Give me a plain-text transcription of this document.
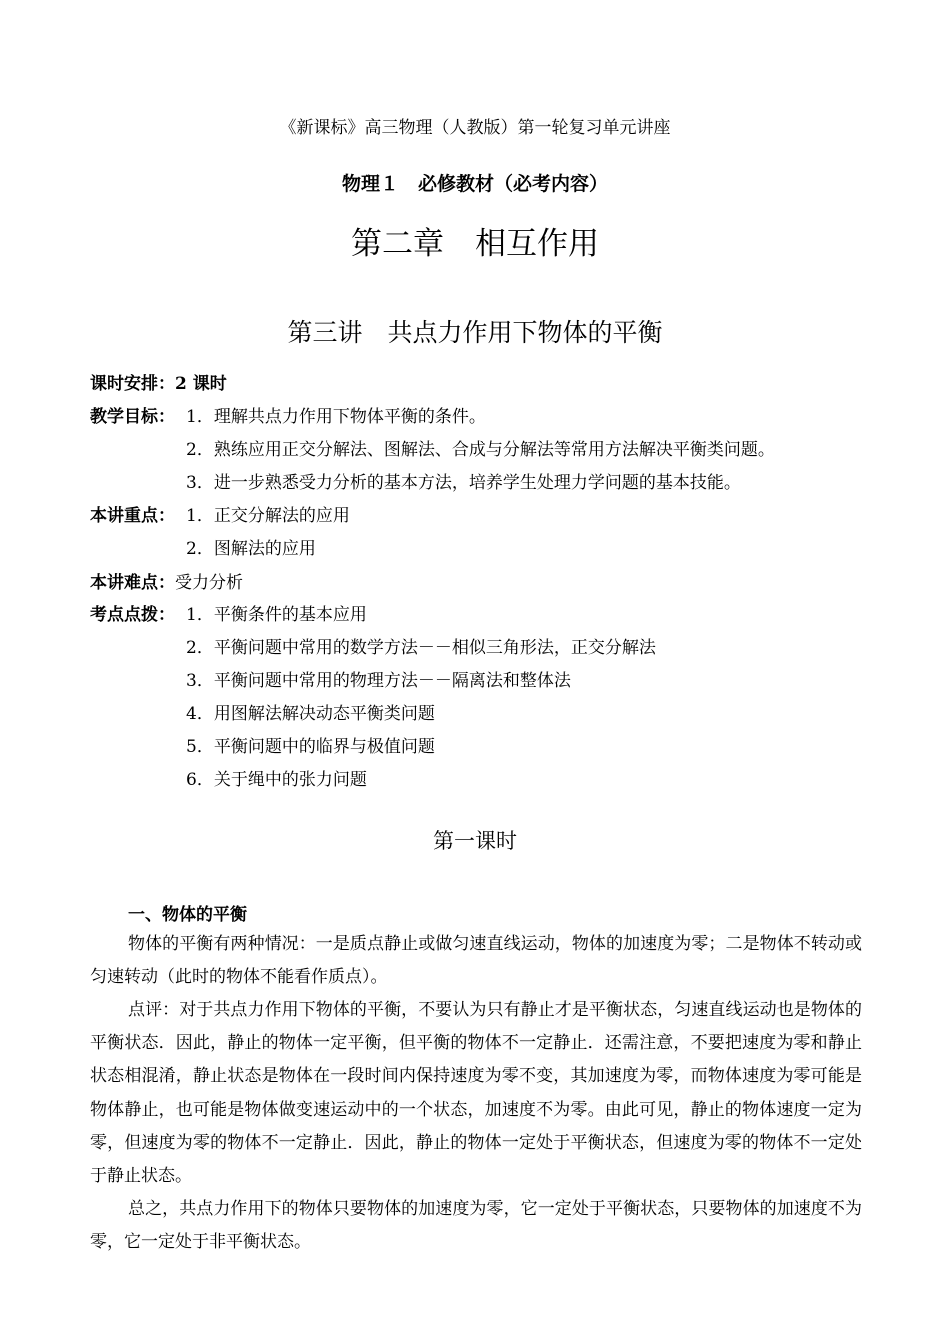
《新课标》高三物理（人教版）第一轮复习单元讲座
物理１　必修教材（必考内容）
第二章　相互作用
第三讲　共点力作用下物体的平衡
课时安排：2 课时
教学目标： 1．理解共点力作用下物体平衡的条件。
2．熟练应用正交分解法、图解法、合成与分解法等常用方法解决平衡类问题。
3．进一步熟悉受力分析的基本方法，培养学生处理力学问题的基本技能。
本讲重点： 1．正交分解法的应用
2．图解法的应用
本讲难点：受力分析
考点点拨： 1．平衡条件的基本应用
2．平衡问题中常用的数学方法－－相似三角形法，正交分解法
3．平衡问题中常用的物理方法－－隔离法和整体法
4．用图解法解决动态平衡类问题
5．平衡问题中的临界与极值问题
6．关于绳中的张力问题
第一课时
一、物体的平衡
物体的平衡有两种情况：一是质点静止或做匀速直线运动，物体的加速度为零；二是物体不转动或匀速转动（此时的物体不能看作质点）。
点评：对于共点力作用下物体的平衡，不要认为只有静止才是平衡状态，匀速直线运动也是物体的平衡状态．因此，静止的物体一定平衡，但平衡的物体不一定静止．还需注意，不要把速度为零和静止状态相混淆，静止状态是物体在一段时间内保持速度为零不变，其加速度为零，而物体速度为零可能是物体静止，也可能是物体做变速运动中的一个状态，加速度不为零。由此可见，静止的物体速度一定为零，但速度为零的物体不一定静止．因此，静止的物体一定处于平衡状态，但速度为零的物体不一定处于静止状态。
总之，共点力作用下的物体只要物体的加速度为零，它一定处于平衡状态，只要物体的加速度不为零，它一定处于非平衡状态。
